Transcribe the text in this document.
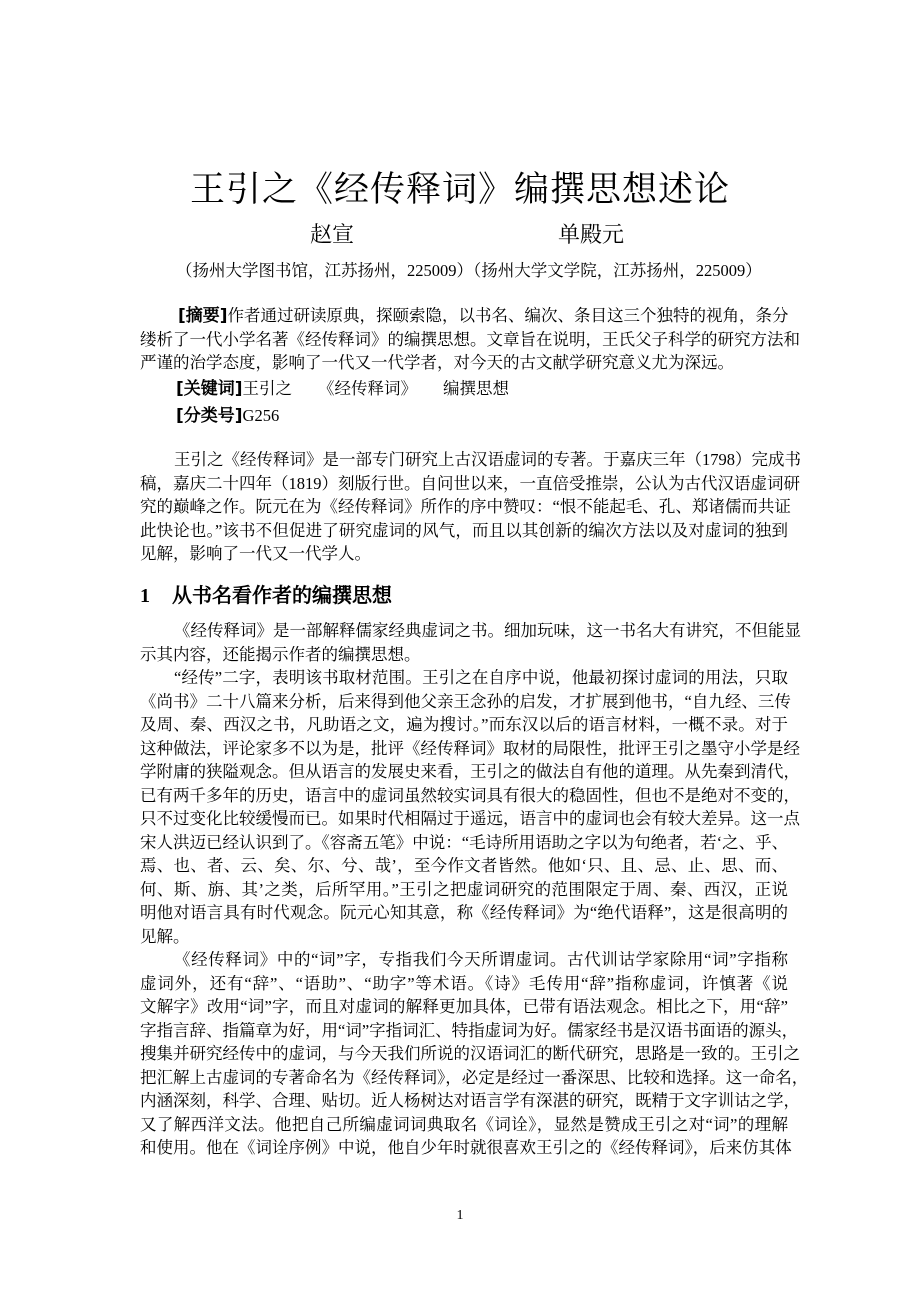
王引之《经传释词》编撰思想述论
赵宣	单殿元
（扬州大学图书馆，江苏扬州，225009）（扬州大学文学院，江苏扬州，225009）
[摘要]作者通过研读原典，探颐索隐，以书名、编次、条目这三个独特的视角，条分
缕析了一代小学名著《经传释词》的编撰思想。文章旨在说明，王氏父子科学的研究方法和
严谨的治学态度，影响了一代又一代学者，对今天的古文献学研究意义尤为深远。
[关键词]王引之 《经传释词》 编撰思想
[分类号]G256
王引之《经传释词》是一部专门研究上古汉语虚词的专著。于嘉庆三年（1798）完成书
稿，嘉庆二十四年（1819）刻版行世。自问世以来，一直倍受推崇，公认为古代汉语虚词研
究的巅峰之作。阮元在为《经传释词》所作的序中赞叹：“恨不能起毛、孔、郑诸儒而共证
此快论也。”该书不但促进了研究虚词的风气，而且以其创新的编次方法以及对虚词的独到
见解，影响了一代又一代学人。
1 从书名看作者的编撰思想
《经传释词》是一部解释儒家经典虚词之书。细加玩味，这一书名大有讲究，不但能显
示其内容，还能揭示作者的编撰思想。
“经传”二字，表明该书取材范围。王引之在自序中说，他最初探讨虚词的用法，只取
《尚书》二十八篇来分析，后来得到他父亲王念孙的启发，才扩展到他书，“自九经、三传
及周、秦、西汉之书，凡助语之文，遍为搜讨。”而东汉以后的语言材料，一概不录。对于
这种做法，评论家多不以为是，批评《经传释词》取材的局限性，批评王引之墨守小学是经
学附庸的狭隘观念。但从语言的发展史来看，王引之的做法自有他的道理。从先秦到清代，
已有两千多年的历史，语言中的虚词虽然较实词具有很大的稳固性，但也不是绝对不变的，
只不过变化比较缓慢而已。如果时代相隔过于遥远，语言中的虚词也会有较大差异。这一点
宋人洪迈已经认识到了。《容斋五笔》中说：“毛诗所用语助之字以为句绝者，若‘之、乎、
焉、也、者、云、矣、尔、兮、哉’，至今作文者皆然。他如‘只、且、忌、止、思、而、
何、斯、旃、其’之类，后所罕用。”王引之把虚词研究的范围限定于周、秦、西汉，正说
明他对语言具有时代观念。阮元心知其意，称《经传释词》为“绝代语释”，这是很高明的
见解。
《经传释词》中的“词”字，专指我们今天所谓虚词。古代训诂学家除用“词”字指称
虚词外，还有“辞”、“语助”、“助字”等术语。《诗》毛传用“辞”指称虚词，许慎著《说
文解字》改用“词”字，而且对虚词的解释更加具体，已带有语法观念。相比之下，用“辞”
字指言辞、指篇章为好，用“词”字指词汇、特指虚词为好。儒家经书是汉语书面语的源头，
搜集并研究经传中的虚词，与今天我们所说的汉语词汇的断代研究，思路是一致的。王引之
把汇解上古虚词的专著命名为《经传释词》，必定是经过一番深思、比较和选择。这一命名，
内涵深刻，科学、合理、贴切。近人杨树达对语言学有深湛的研究，既精于文字训诂之学，
又了解西洋文法。他把自己所编虚词词典取名《词诠》，显然是赞成王引之对“词”的理解
和使用。他在《词诠序例》中说，他自少年时就很喜欢王引之的《经传释词》，后来仿其体
1
